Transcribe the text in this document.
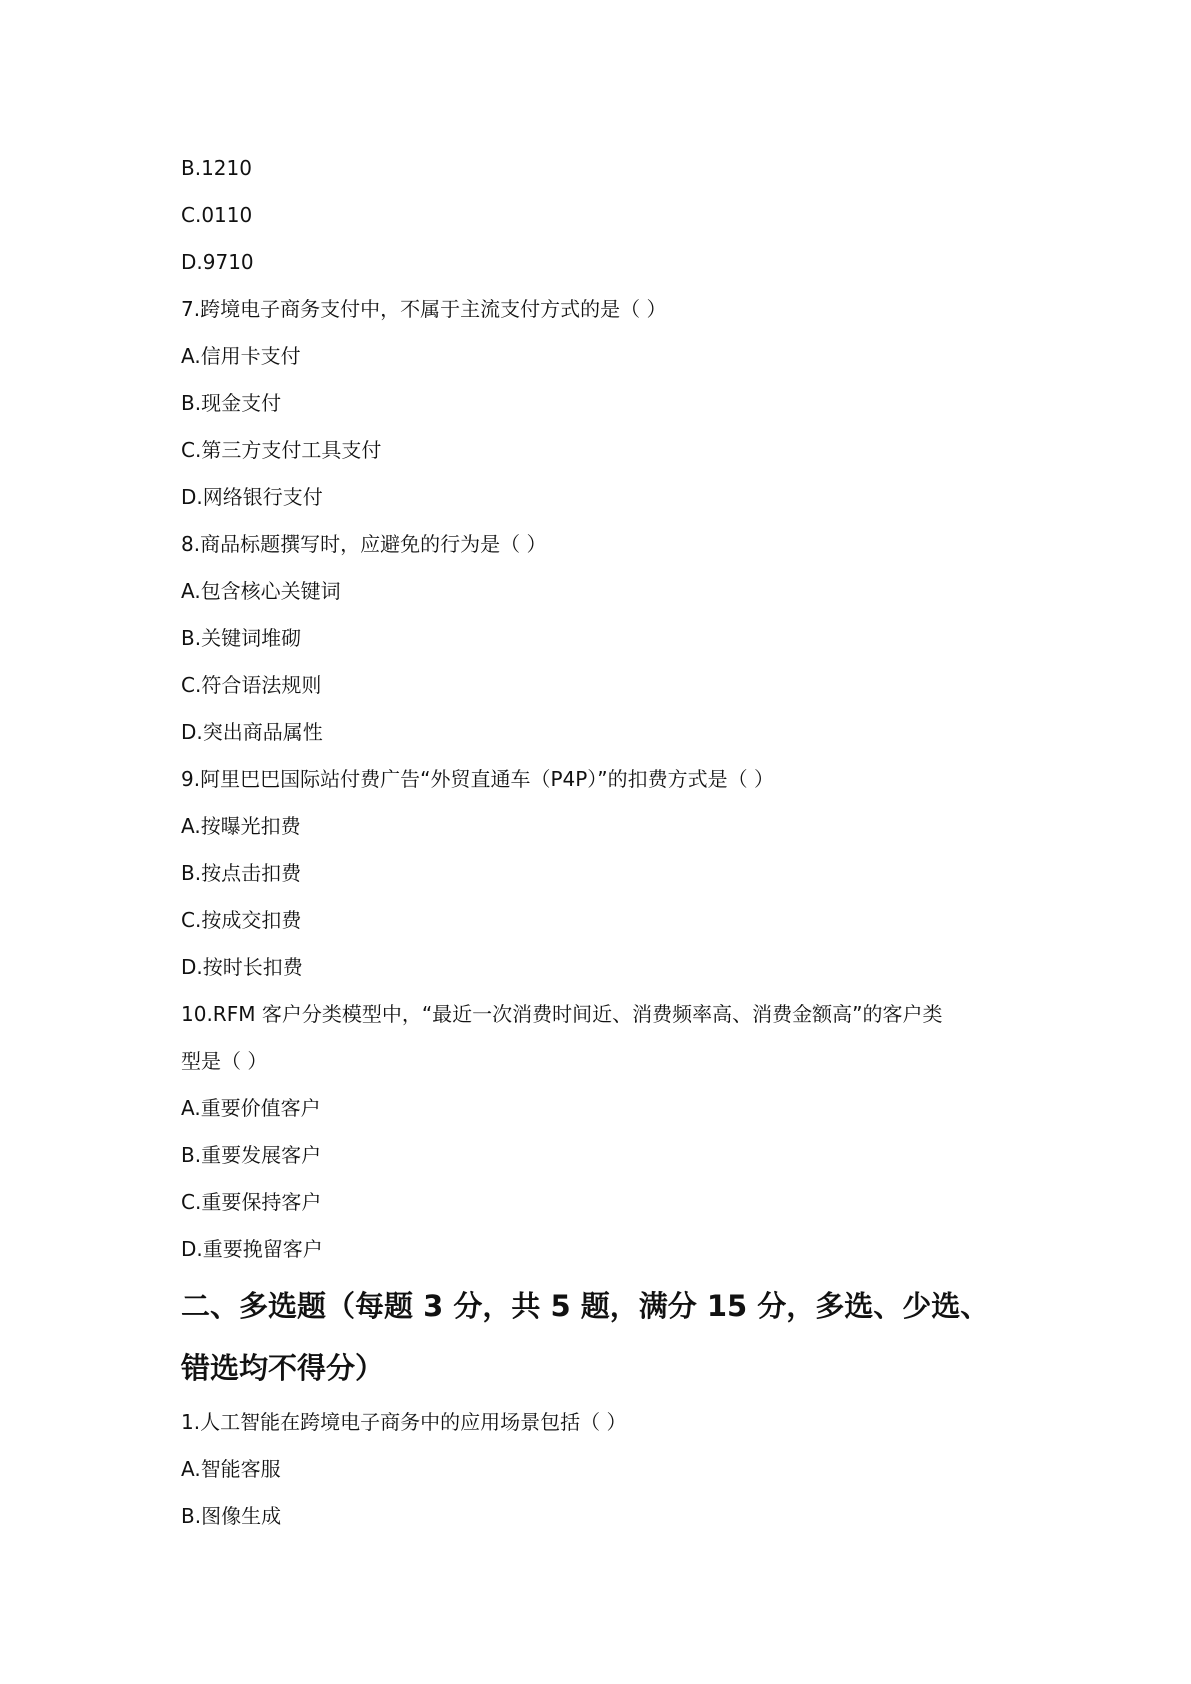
B.1210
C.0110
D.9710
7.跨境电子商务支付中，不属于主流支付方式的是（ ）
A.信用卡支付
B.现金支付
C.第三方支付工具支付
D.网络银行支付
8.商品标题撰写时，应避免的行为是（ ）
A.包含核心关键词
B.关键词堆砌
C.符合语法规则
D.突出商品属性
9.阿里巴巴国际站付费广告“外贸直通车（P4P）”的扣费方式是（ ）
A.按曝光扣费
B.按点击扣费
C.按成交扣费
D.按时长扣费
10.RFM 客户分类模型中，“最近一次消费时间近、消费频率高、消费金额高”的客户类
型是（ ）
A.重要价值客户
B.重要发展客户
C.重要保持客户
D.重要挽留客户
二、多选题（每题 3 分，共 5 题，满分 15 分，多选、少选、
错选均不得分）
1.人工智能在跨境电子商务中的应用场景包括（ ）
A.智能客服
B.图像生成
